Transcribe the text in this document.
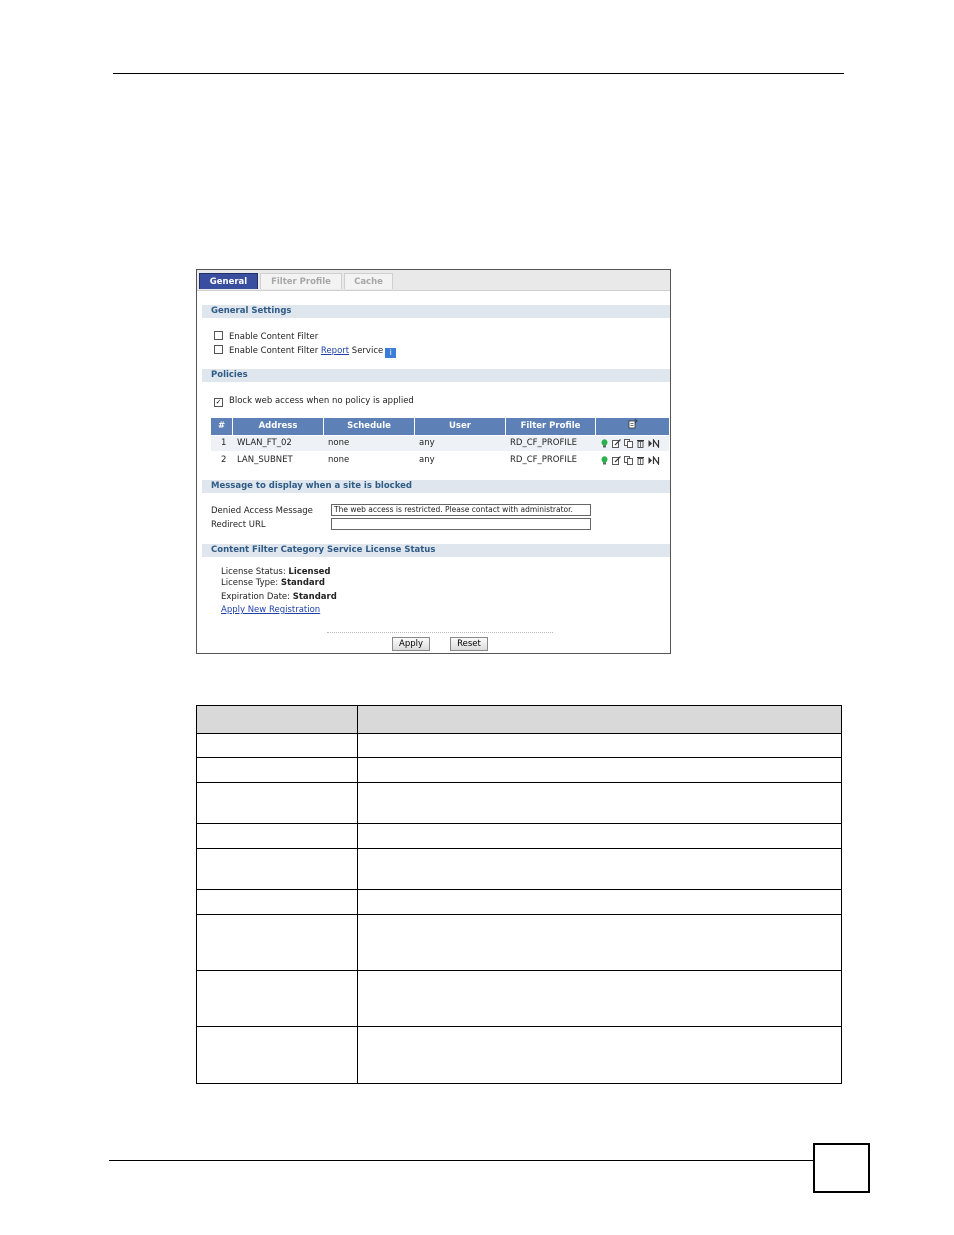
General	Filter Profile	Cache
General Settings
Enable Content Filter
Enable Content Filter Report Service i
Policies
✓ Block web access when no policy is applied
#	Address	Schedule	User	Filter Profile
1 WLAN_FT_02	none	any	RD_CF_PROFILE
2 LAN_SUBNET	none	any	RD_CF_PROFILE
Message to display when a site is blocked
Denied Access Message	The web access is restricted. Please contact with administrator.
Redirect URL
Content Filter Category Service License Status
License Status: Licensed
License Type: Standard
Expiration Date: Standard
Apply New Registration
Apply	Reset
